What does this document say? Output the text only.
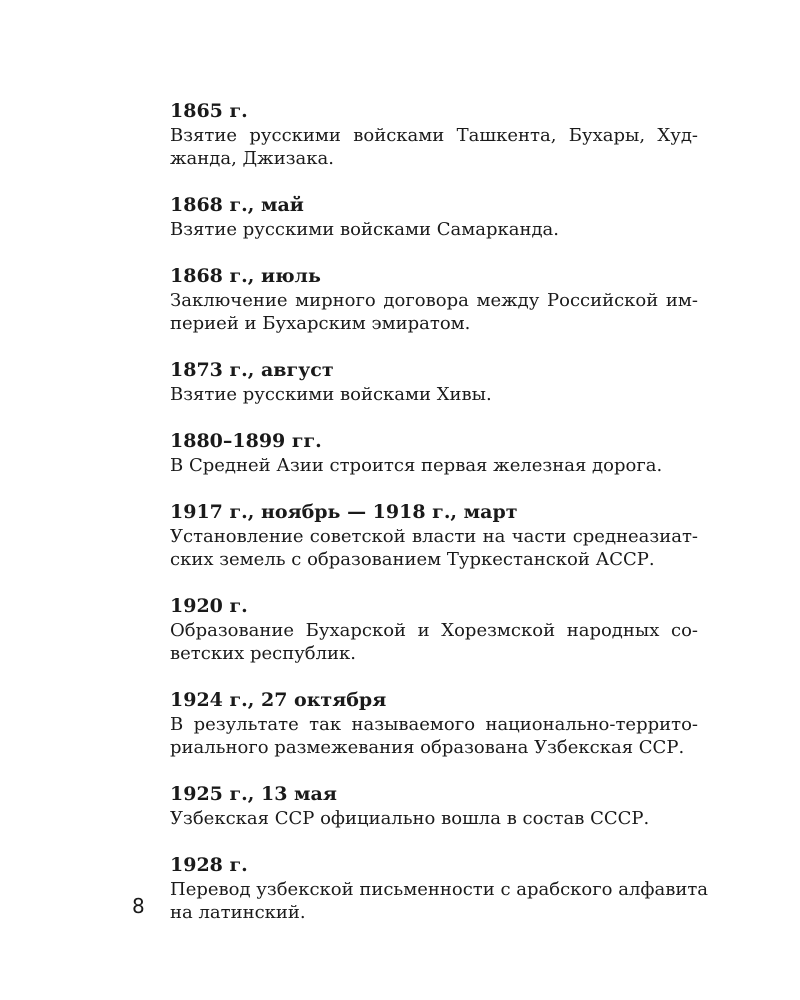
1865 г.

Взятие русскими войсками Ташкента, Бухары, Худ-
жанда, Джизака.

1868 г., май

Взятие русскими войсками Самарканда.

1868 г., июль

Заключение мирного договора между Российской им-
перией и Бухарским эмиратом.

1873 г., август

Взятие русскими войсками Хивы.

1880–1899 гг.

В Средней Азии строится первая железная дорога.

1917 г., ноябрь — 1918 г., март

Установление советской власти на части среднеазиат-
ских земель с образованием Туркестанской АССР.

1920 г.

Образование Бухарской и Хорезмской народных со-
ветских республик.

1924 г., 27 октября

В результате так называемого национально-террито-
риального размежевания образована Узбекская ССР.

1925 г., 13 мая

Узбекская ССР официально вошла в состав СССР.

1928 г.

Перевод узбекской письменности с арабского алфавита
на латинский.

8
